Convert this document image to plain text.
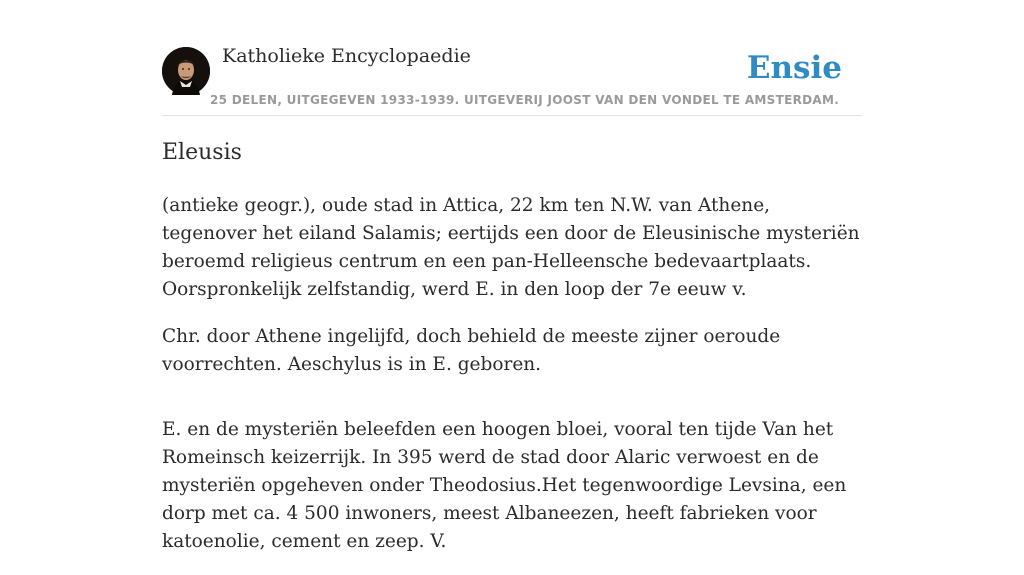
Katholieke Encyclopaedie
25 DELEN, UITGEGEVEN 1933-1939. UITGEVERIJ JOOST VAN DEN VONDEL TE AMSTERDAM.
Ensie
Eleusis

(antieke geogr.), oude stad in Attica, 22 km ten N.W. van Athene, tegenover het eiland Salamis; eertijds een door de Eleusinische mysteriën beroemd religieus centrum en een pan-Helleensche bedevaartplaats. Oorspronkelijk zelfstandig, werd E. in den loop der 7e eeuw v.

Chr. door Athene ingelijfd, doch behield de meeste zijner oeroude voorrechten. Aeschylus is in E. geboren.

E. en de mysteriën beleefden een hoogen bloei, vooral ten tijde Van het Romeinsch keizerrijk. In 395 werd de stad door Alaric verwoest en de mysteriën opgeheven onder Theodosius.Het tegenwoordige Levsina, een dorp met ca. 4 500 inwoners, meest Albaneezen, heeft fabrieken voor katoenolie, cement en zeep. V.
